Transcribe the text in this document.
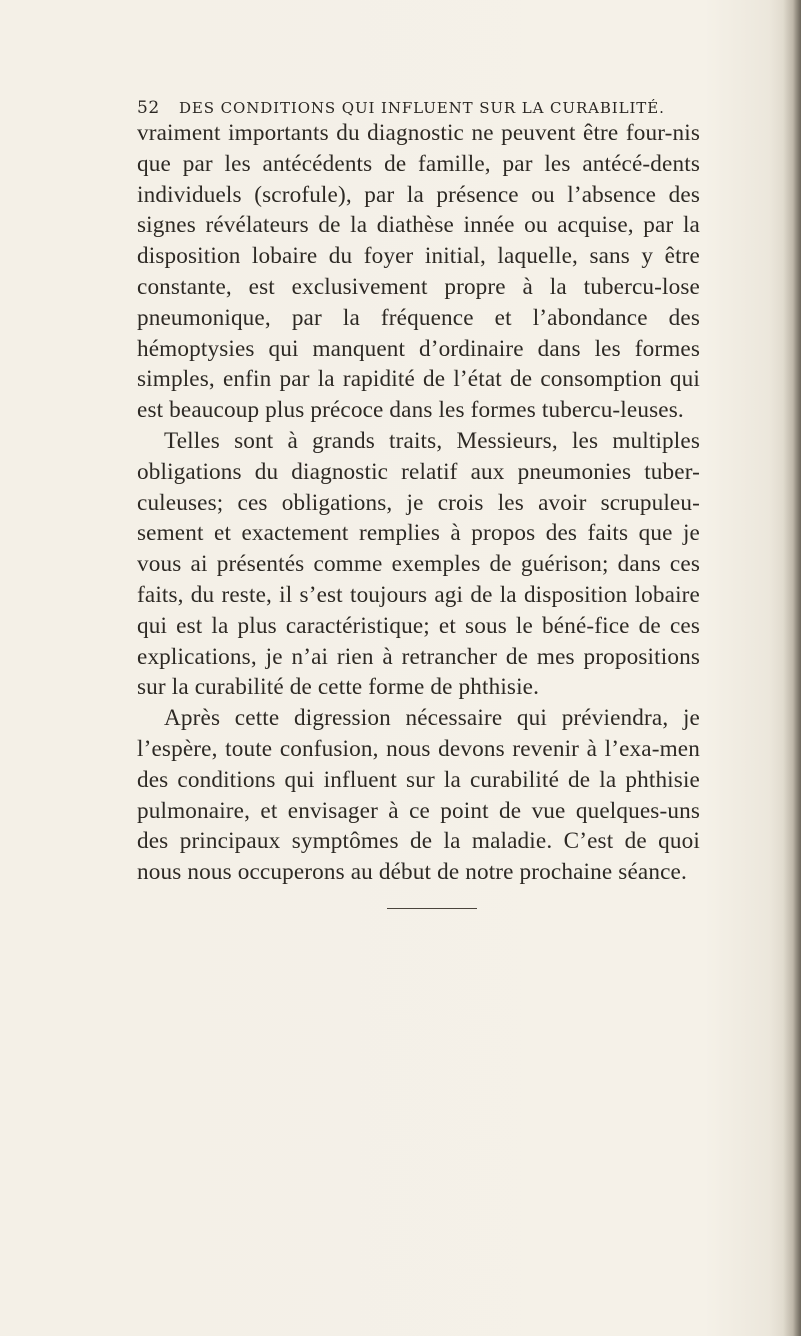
52	DES CONDITIONS QUI INFLUENT SUR LA CURABILITÉ.

vraiment importants du diagnostic ne peuvent être four-nis que par les antécédents de famille, par les antécé-dents individuels (scrofule), par la présence ou l’absence des signes révélateurs de la diathèse innée ou acquise, par la disposition lobaire du foyer initial, laquelle, sans y être constante, est exclusivement propre à la tubercu-lose pneumonique, par la fréquence et l’abondance des hémoptysies qui manquent d’ordinaire dans les formes simples, enfin par la rapidité de l’état de consomption qui est beaucoup plus précoce dans les formes tubercu-leuses.

Telles sont à grands traits, Messieurs, les multiples obligations du diagnostic relatif aux pneumonies tuber-culeuses; ces obligations, je crois les avoir scrupuleu-sement et exactement remplies à propos des faits que je vous ai présentés comme exemples de guérison; dans ces faits, du reste, il s’est toujours agi de la disposition lobaire qui est la plus caractéristique; et sous le béné-fice de ces explications, je n’ai rien à retrancher de mes propositions sur la curabilité de cette forme de phthisie.

Après cette digression nécessaire qui préviendra, je l’espère, toute confusion, nous devons revenir à l’exa-men des conditions qui influent sur la curabilité de la phthisie pulmonaire, et envisager à ce point de vue quelques-uns des principaux symptômes de la maladie. C’est de quoi nous nous occuperons au début de notre prochaine séance.
